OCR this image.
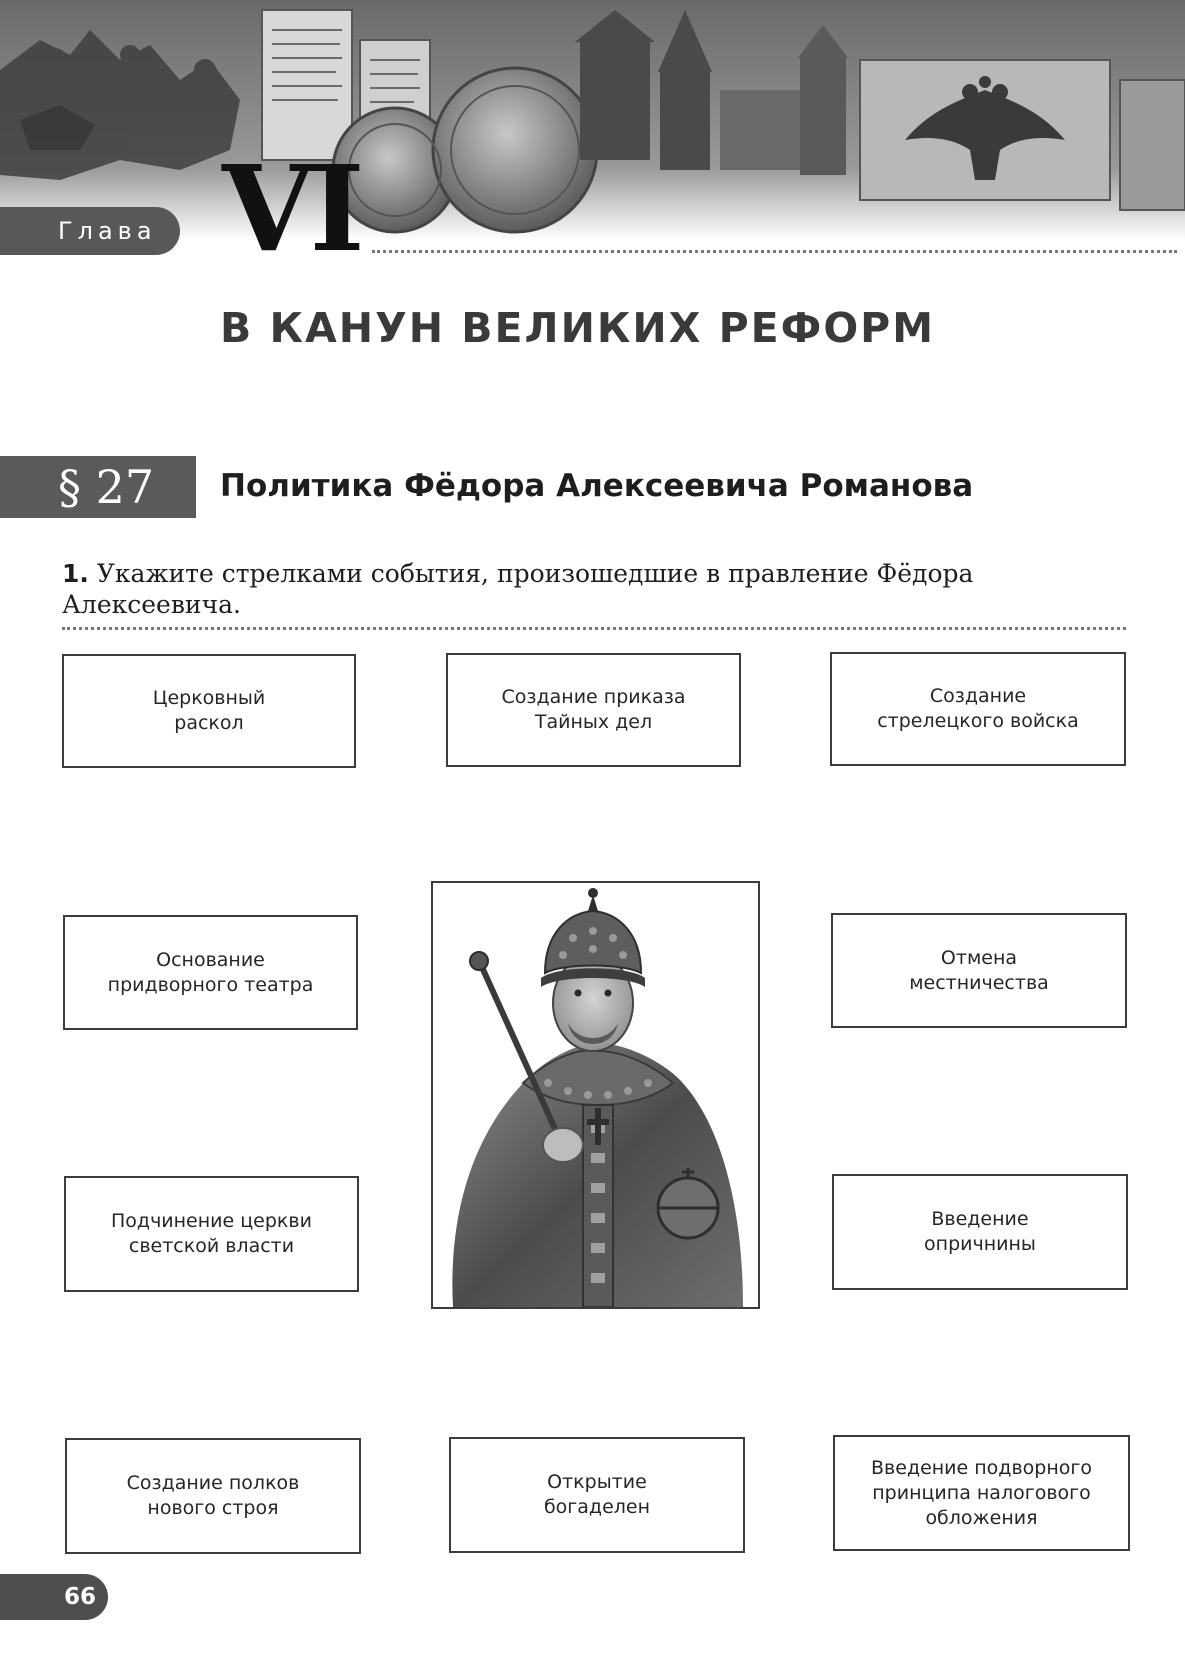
Глава VI
В КАНУН ВЕЛИКИХ РЕФОРМ
§ 27 Политика Фёдора Алексеевича Романова
1. Укажите стрелками события, произошедшие в правление Фёдора Алексеевича.
Церковный
раскол
Создание приказа
Тайных дел
Создание
стрелецкого войска
Основание
придворного театра
Отмена
местничества
Подчинение церкви
светской власти
Введение
опричнины
Создание полков
нового строя
Открытие
богаделен
Введение подворного
принципа налогового
обложения
66
